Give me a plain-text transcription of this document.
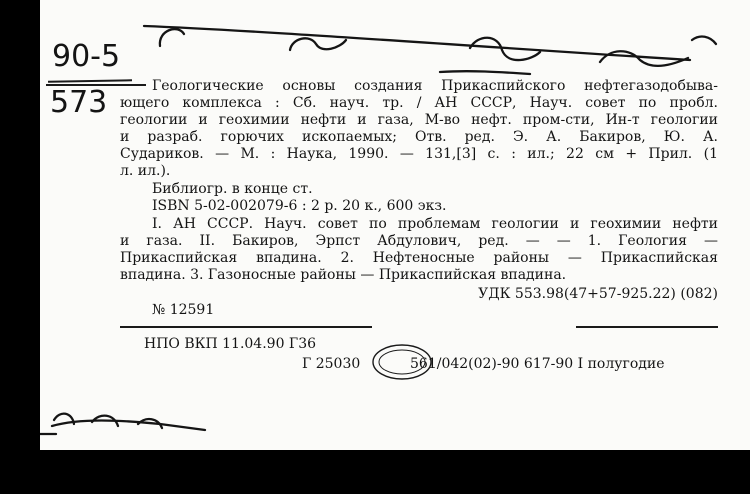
90-5
573	Геологические основы создания Прикаспийского нефтегазодобыва-
ющего комплекса : Сб. науч. тр. / АН СССР, Науч. совет по пробл.
геологии и геохимии нефти и газа, М-во нефт. пром-сти, Ин-т геологии
и разраб. горючих ископаемых; Отв. ред. Э. А. Бакиров, Ю. А.
Судариков. — М. : Наука, 1990. — 131,[3] с. : ил.; 22 см + Прил. (1
л. ил.).
Библиогр. в конце ст.
ISBN 5-02-002079-6 : 2 р. 20 к., 600 экз.
I. АН СССР. Науч. совет по проблемам геологии и геохимии нефти
и газа. II. Бакиров, Эрпст Абдулович, ред. — — 1. Геология —
Прикаспийская впадина. 2. Нефтеносные районы — Прикаспийская
впадина. 3. Газоносные районы — Прикаспийская впадина.
УДК 553.98(47+57-925.22) (082)
№ 12591
НПО ВКП 11.04.90 Г36
Г 25030	561/042(02)-90 617-90 I полугодие
